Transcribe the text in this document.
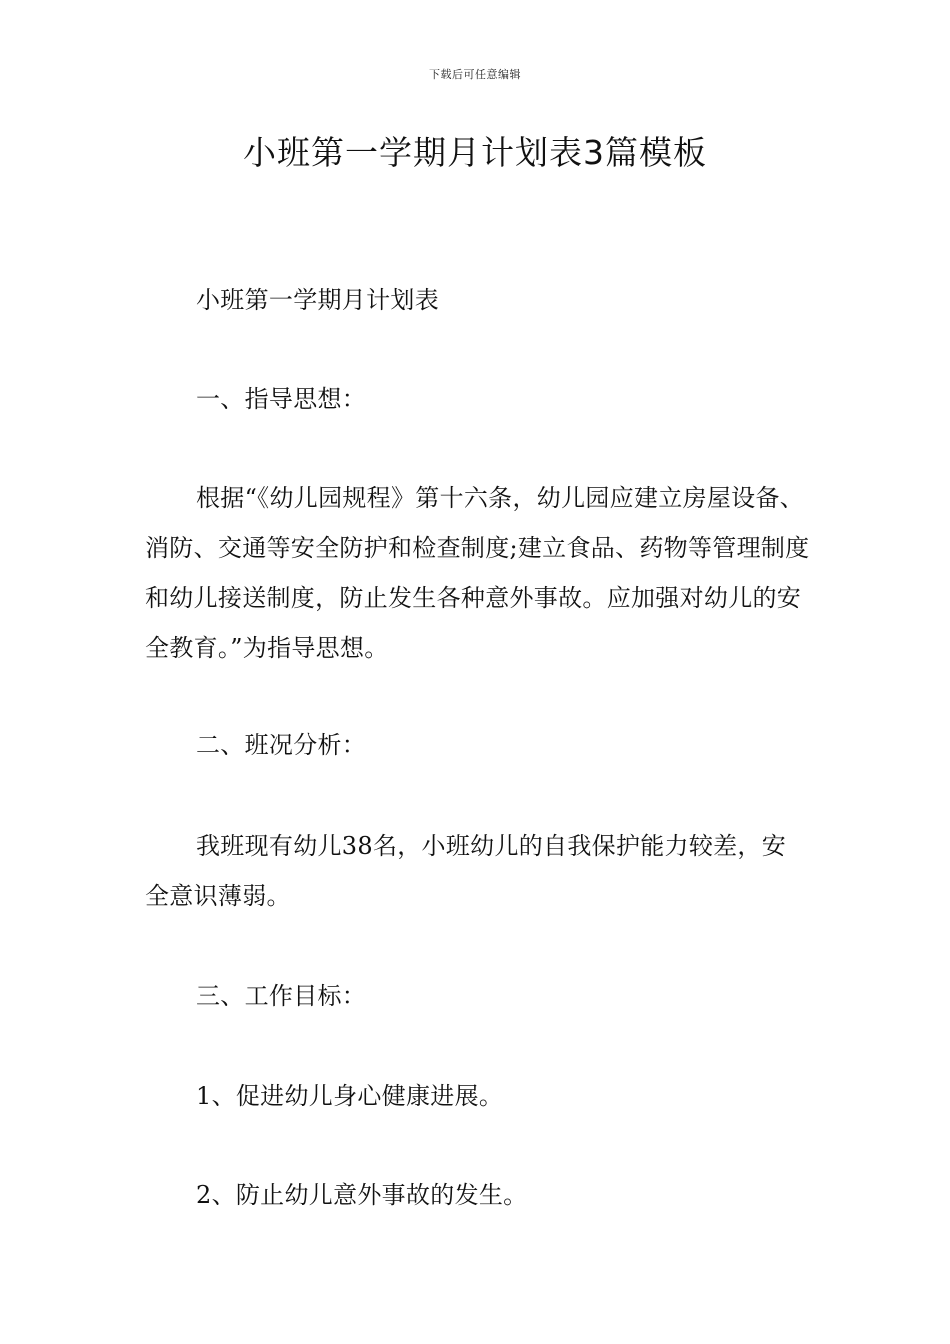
下载后可任意编辑
小班第一学期月计划表3篇模板

小班第一学期月计划表

一、指导思想：

根据“《幼儿园规程》第十六条，幼儿园应建立房屋设备、消防、交通等安全防护和检查制度;建立食品、药物等管理制度和幼儿接送制度，防止发生各种意外事故。应加强对幼儿的安全教育。”为指导思想。

二、班况分析：

我班现有幼儿38名，小班幼儿的自我保护能力较差，安全意识薄弱。

三、工作目标：

1、促进幼儿身心健康进展。

2、防止幼儿意外事故的发生。
